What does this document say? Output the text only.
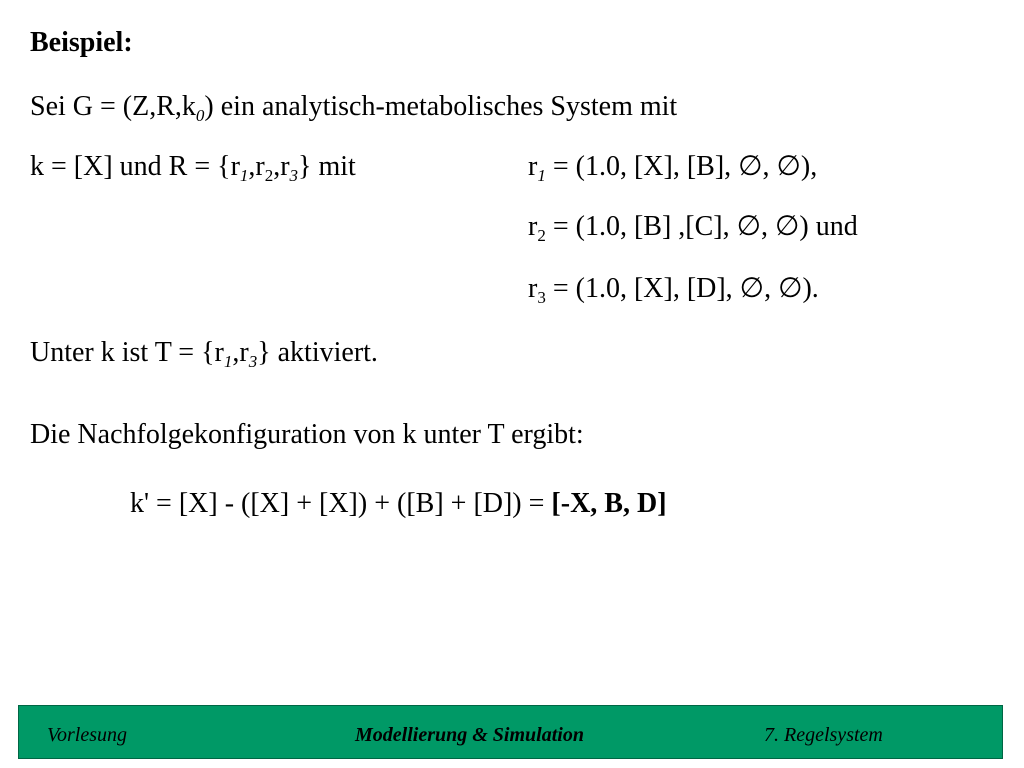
Beispiel:
Sei $G = (Z,R,k_0)$ ein analytisch-metabolisches System mit
k = [X] und $R = \{r_1,r_2,r_3\}$ mit	$r_1 = (1.0$, [X], [B], ∅, ∅),
$r_2 = (1.0$, [B] ,[C], ∅, ∅) und
$r_3 = (1.0$, [X], [D], ∅, ∅).
Unter k ist $T = \{r_1,r_3\}$ aktiviert.
Die Nachfolgekonfiguration von k unter T ergibt:
k' = [X] - ([X] + [X]) + ([B] + [D]) = [-X, B, D]
Vorlesung	Modellierung & Simulation	7. Regelsystem
